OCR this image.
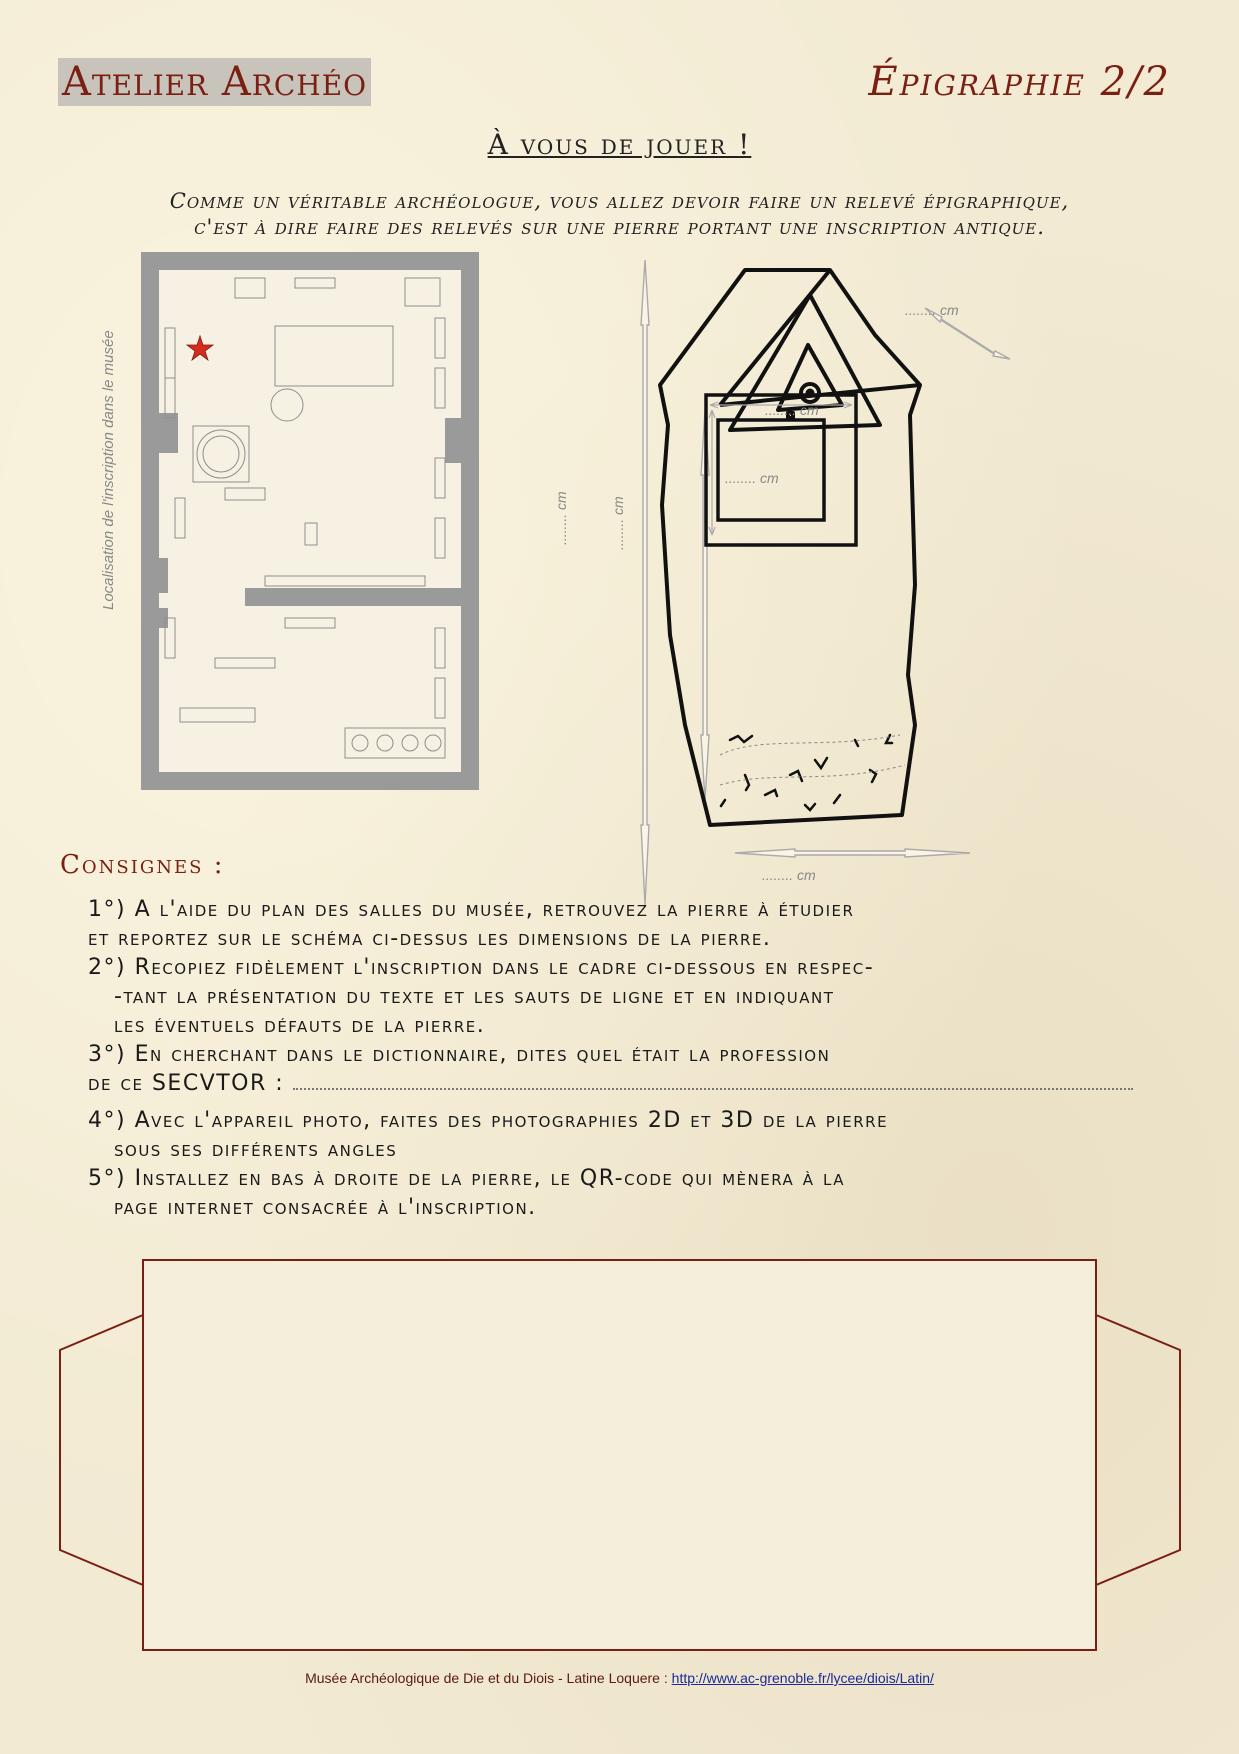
Atelier Archéo	Épigraphie 2/2
À vous de jouer !
Comme un véritable archéologue, vous allez devoir faire un relevé épigraphique,
c'est à dire faire des relevés sur une pierre portant une inscription antique.
Localisation de l'inscription dans le musée
........ cm
........ cm
........ cm
........ cm
........ cm	........ cm
Consignes :
1°) A l'aide du plan des salles du musée, retrouvez la pierre à étudier
et reportez sur le schéma ci-dessus les dimensions de la pierre.
2°) Recopiez fidèlement l'inscription dans le cadre ci-dessous en respec-
-tant la présentation du texte et les sauts de ligne et en indiquant
les éventuels défauts de la pierre.
3°) En cherchant dans le dictionnaire, dites quel était la profession
de ce SECVTOR :
4°) Avec l'appareil photo, faites des photographies 2D et 3D de la pierre
sous ses différents angles
5°) Installez en bas à droite de la pierre, le QR-code qui mènera à la
page internet consacrée à l'inscription.
Musée Archéologique de Die et du Diois - Latine Loquere : http://www.ac-grenoble.fr/lycee/diois/Latin/
